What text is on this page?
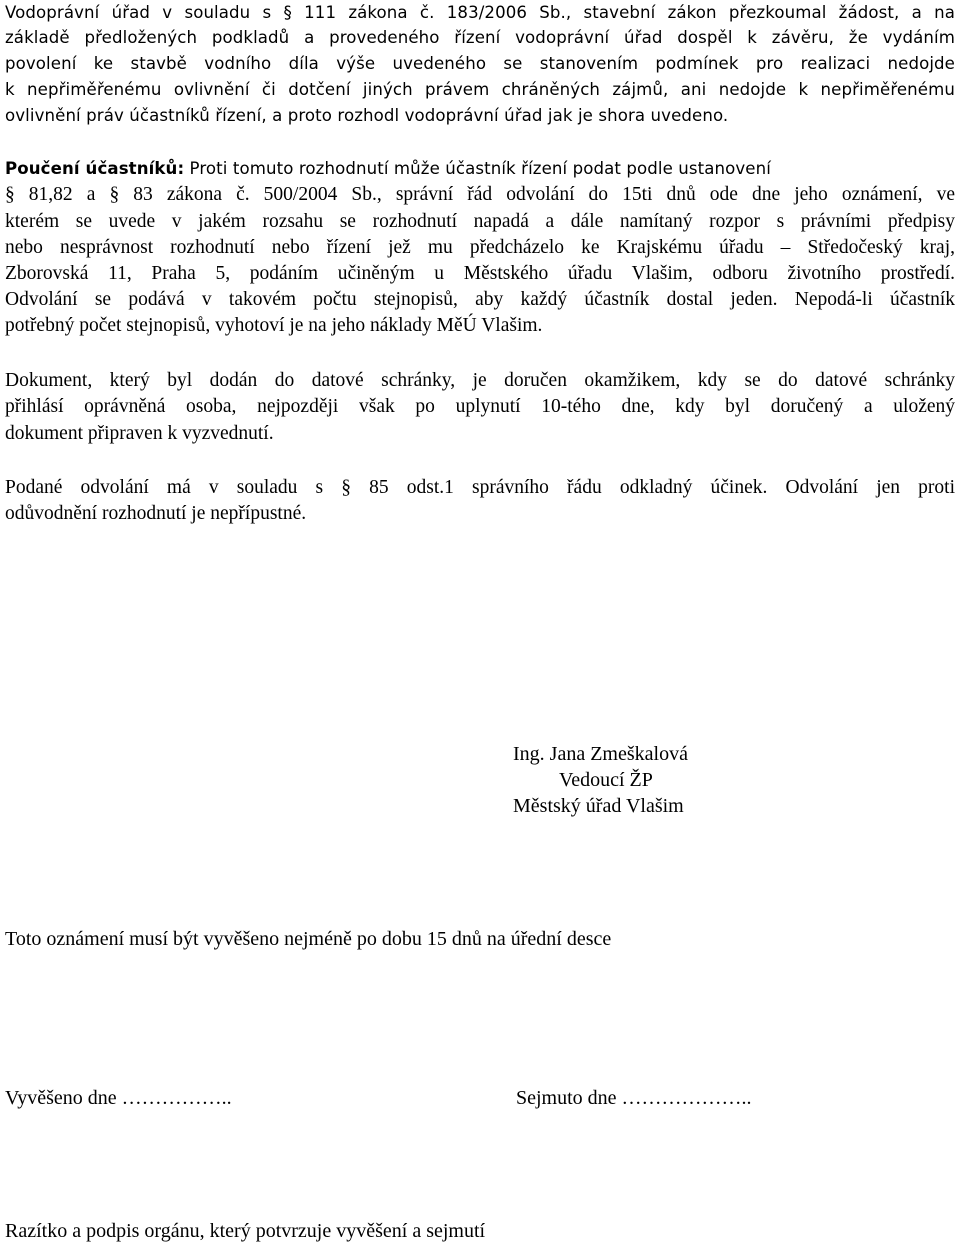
Vodoprávní úřad v souladu s § 111 zákona č. 183/2006 Sb., stavební zákon přezkoumal žádost, a na
základě předložených podkladů a provedeného řízení vodoprávní úřad dospěl k závěru, že vydáním
povolení ke stavbě vodního díla výše uvedeného se stanovením podmínek pro realizaci nedojde
k nepřiměřenému ovlivnění či dotčení jiných právem chráněných zájmů, ani nedojde k nepřiměřenému
ovlivnění práv účastníků řízení, a proto rozhodl vodoprávní úřad jak je shora uvedeno.
Poučení účastníků: Proti tomuto rozhodnutí může účastník řízení podat podle ustanovení
§ 81,82 a § 83 zákona č. 500/2004 Sb., správní řád odvolání do 15ti dnů ode dne jeho oznámení, ve
kterém se uvede v jakém rozsahu se rozhodnutí napadá a dále namítaný rozpor s právními předpisy
nebo nesprávnost rozhodnutí nebo řízení jež mu předcházelo ke Krajskému úřadu – Středočeský kraj,
Zborovská 11, Praha 5, podáním učiněným u Městského úřadu Vlašim, odboru životního prostředí.
Odvolání se podává v takovém počtu stejnopisů, aby každý účastník dostal jeden. Nepodá-li účastník
potřebný počet stejnopisů, vyhotoví je na jeho náklady MěÚ Vlašim.
Dokument, který byl dodán do datové schránky, je doručen okamžikem, kdy se do datové schránky
přihlásí oprávněná osoba, nejpozději však po uplynutí 10-tého dne, kdy byl doručený a uložený
dokument připraven k vyzvednutí.
Podané odvolání má v souladu s § 85 odst.1 správního řádu odkladný účinek. Odvolání jen proti
odůvodnění rozhodnutí je nepřípustné.
Ing. Jana Zmeškalová
Vedoucí ŽP
Městský úřad Vlašim
Toto oznámení musí být vyvěšeno nejméně po dobu 15 dnů na úřední desce
Vyvěšeno dne ……………..	Sejmuto dne ………………..
Razítko a podpis orgánu, který potvrzuje vyvěšení a sejmutí
